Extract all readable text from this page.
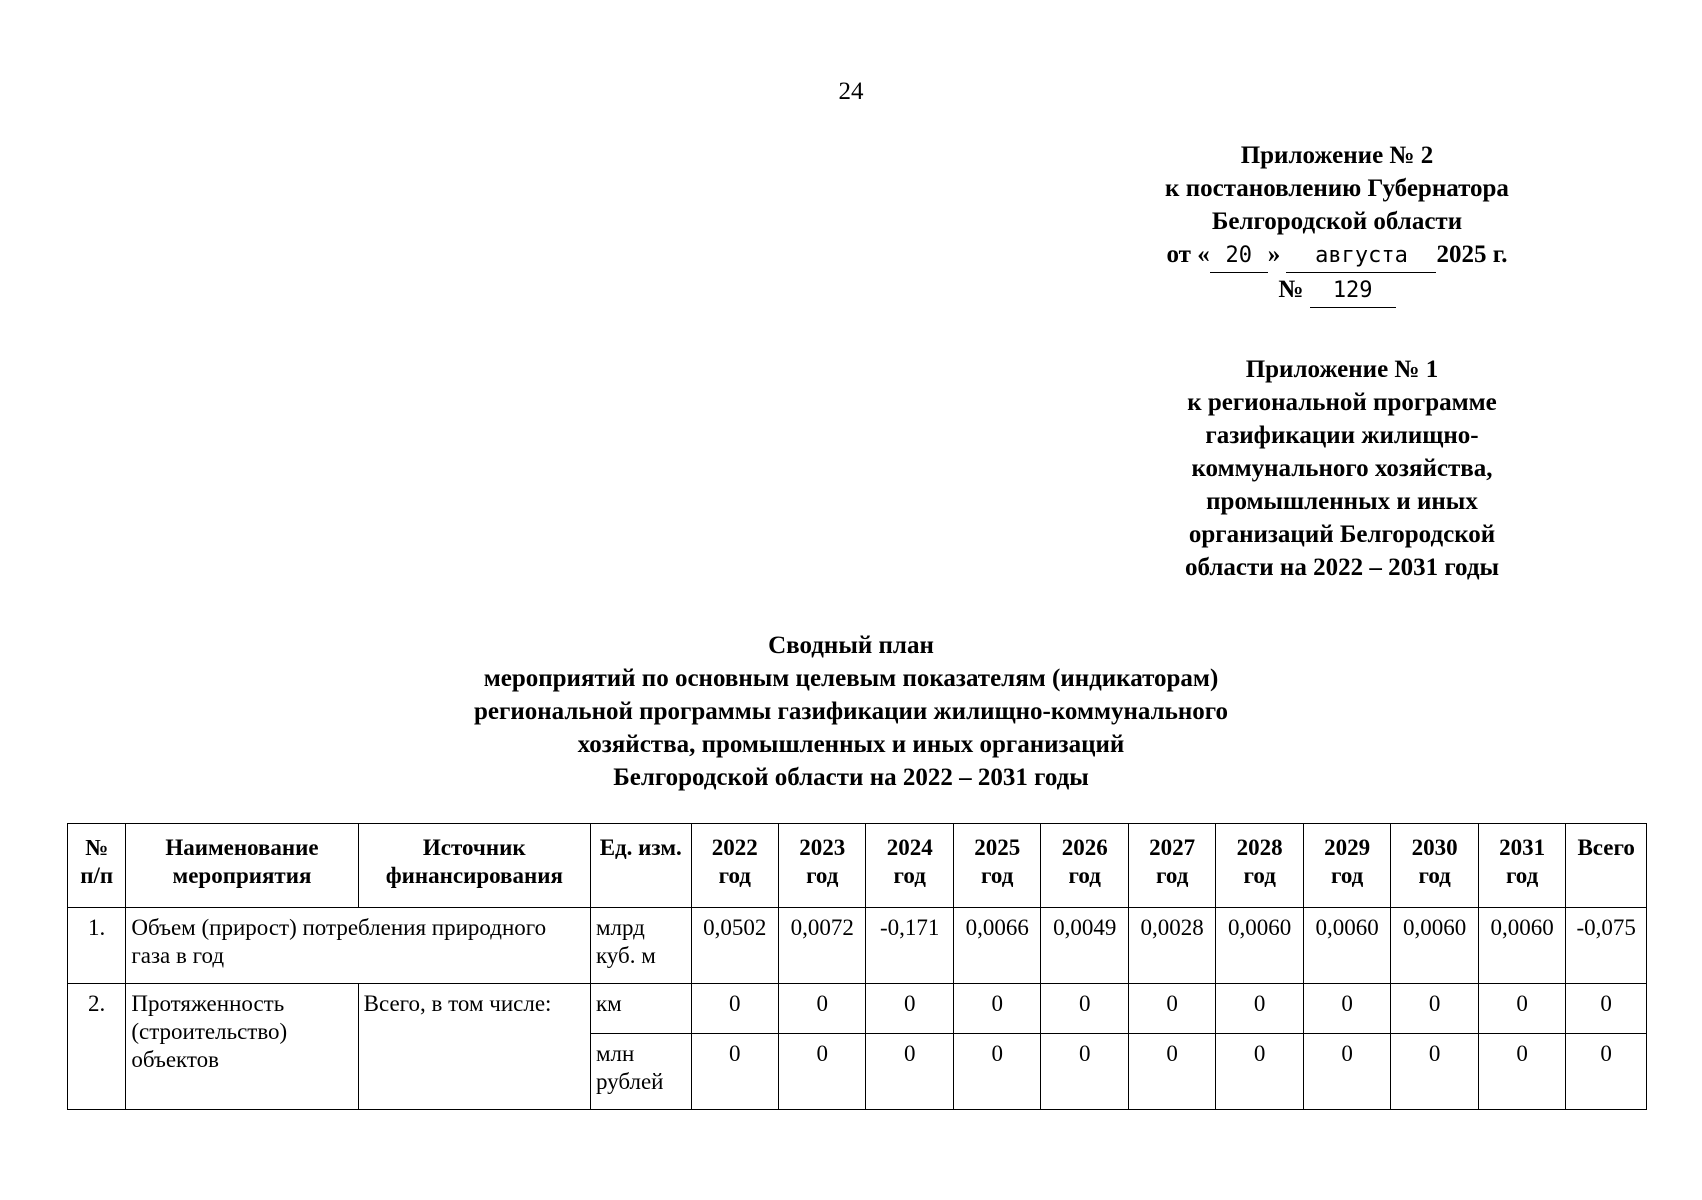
24
Приложение № 2
к постановлению Губернатора
Белгородской области
от « 20 » августа 2025 г.
№ 129
Приложение № 1
к региональной программе
газификации жилищно-
коммунального хозяйства,
промышленных и иных
организаций Белгородской
области на 2022 – 2031 годы
Сводный план
мероприятий по основным целевым показателям (индикаторам)
региональной программы газификации жилищно-коммунального
хозяйства, промышленных и иных организаций
Белгородской области на 2022 – 2031 годы
№ п/п	Наименование мероприятия	Источник финансирования	Ед. изм.	2022 год	2023 год	2024 год	2025 год	2026 год	2027 год	2028 год	2029 год	2030 год	2031 год	Всего
1.	Объем (прирост) потребления природного газа в год		млрд куб. м	0,0502	0,0072	-0,171	0,0066	0,0049	0,0028	0,0060	0,0060	0,0060	0,0060	-0,075
2.	Протяженность (строительство) объектов	Всего, в том числе:	км	0	0	0	0	0	0	0	0	0	0	0
			млн рублей	0	0	0	0	0	0	0	0	0	0	0
